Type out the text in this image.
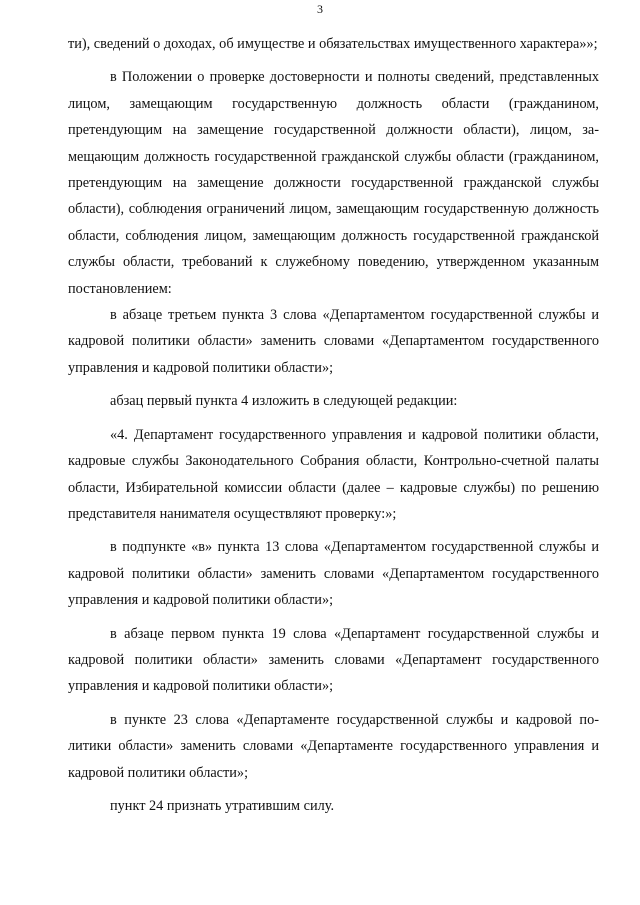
3

ти), сведений о доходах, об имуществе и обязательствах имущественного характера»»;

в Положении о проверке достоверности и полноты сведений, представленных лицом, замещающим государственную должность области (гражданином, претендующим на замещение государственной должности области), лицом, замещающим должность государственной гражданской службы области (гражданином, претендующим на замещение должности государственной гражданской службы области), соблюдения ограничений лицом, замещающим государственную должность области, соблюдения лицом, замещающим должность государственной гражданской службы области, требований к служебному поведению, утвержденном указанным постановлением:

в абзаце третьем пункта 3 слова «Департаментом государственной службы и кадровой политики области» заменить словами «Департаментом государственного управления и кадровой политики области»;

абзац первый пункта 4 изложить в следующей редакции:

«4. Департамент государственного управления и кадровой политики области, кадровые службы Законодательного Собрания области, Контрольно-счетной палаты области, Избирательной комиссии области (далее – кадровые службы) по решению представителя нанимателя осуществляют проверку:»;

в подпункте «в» пункта 13 слова «Департаментом государственной службы и кадровой политики области» заменить словами «Департаментом государственного управления и кадровой политики области»;

в абзаце первом пункта 19 слова «Департамент государственной службы и кадровой политики области» заменить словами «Департамент государственного управления и кадровой политики области»;

в пункте 23 слова «Департаменте государственной службы и кадровой политики области» заменить словами «Департаменте государственного управления и кадровой политики области»;

пункт 24 признать утратившим силу.
